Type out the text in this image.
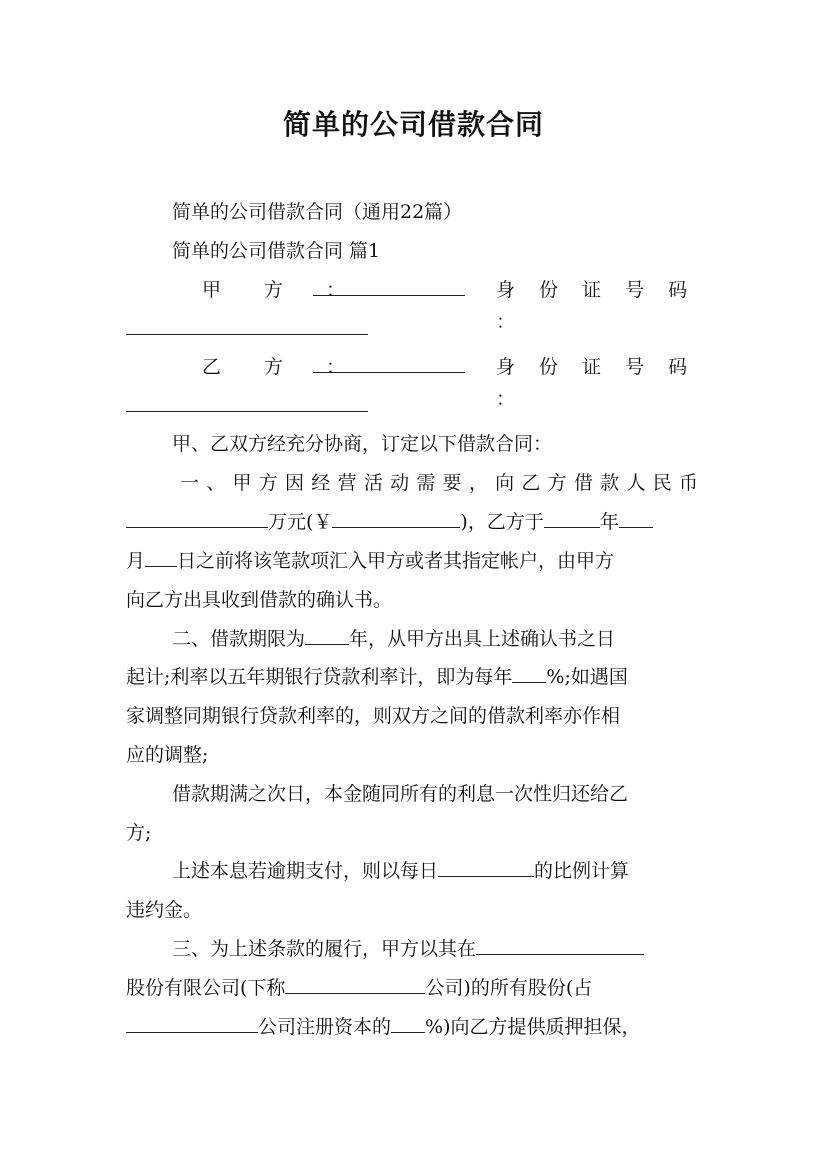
简单的公司借款合同

简单的公司借款合同（通用22篇）

简单的公司借款合同 篇1

甲　方　：	身 份 证 号 码 ：
乙　方　：	身 份 证 号 码 ：

甲、乙双方经充分协商，订定以下借款合同：

一、甲方因经营活动需要，向乙方借款人民币

万元(￥	)，乙方于	年

月 日之前将该笔款项汇入甲方或者其指定帐户，由甲方

向乙方出具收到借款的确认书。

二、借款期限为 年，从甲方出具上述确认书之日

起计;利率以五年期银行贷款利率计，即为每年 %;如遇国

家调整同期银行贷款利率的，则双方之间的借款利率亦作相

应的调整;

借款期满之次日，本金随同所有的利息一次性归还给乙

方;

上述本息若逾期支付，则以每日	的比例计算

违约金。

三、为上述条款的履行，甲方以其在

股份有限公司(下称	公司)的所有股份(占

公司注册资本的 %)向乙方提供质押担保，
